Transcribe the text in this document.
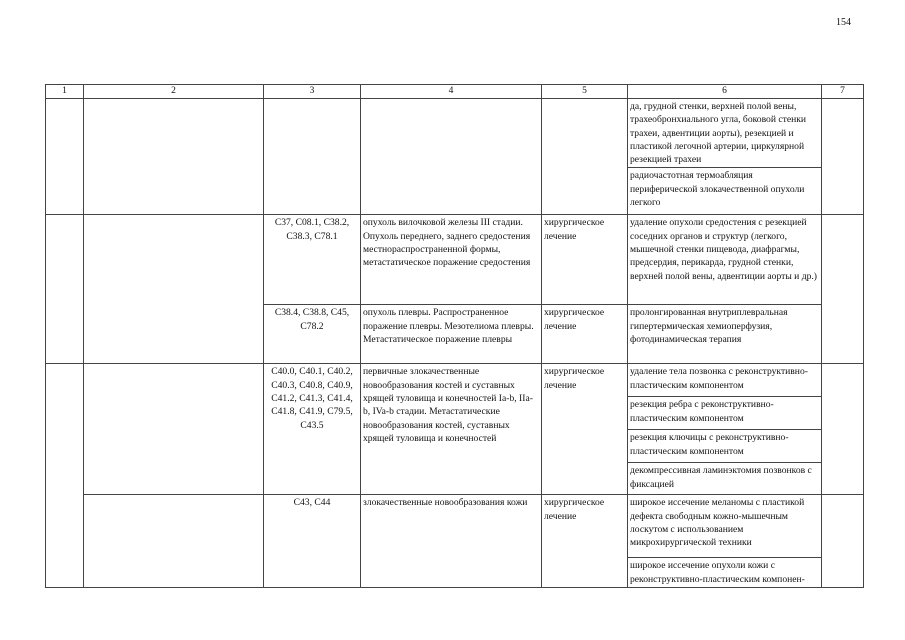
154
1	2	3	4	5	6	7
					да, грудной стенки, верхней полой вены, трахеобронхиального угла, боковой стенки трахеи, адвентиции аорты), резекцией и пластикой легочной артерии, циркулярной резекцией трахеи	
					радиочастотная термоабляция периферической злокачественной опухоли легкого	
		C37, C08.1, C38.2, C38.3, C78.1	опухоль вилочковой железы III стадии. Опухоль переднего, заднего средостения местнораспространенной формы, метастатическое поражение средостения	хирургическое лечение	удаление опухоли средостения с резекцией соседних органов и структур (легкого, мышечной стенки пищевода, диафрагмы, предсердия, перикарда, грудной стенки, верхней полой вены, адвентиции аорты и др.)	
		C38.4, C38.8, C45, C78.2	опухоль плевры. Распространенное поражение плевры. Мезотелиома плевры. Метастатическое поражение плевры	хирургическое лечение	пролонгированная внутриплевральная гипертермическая хемиоперфузия, фотодинамическая терапия	
		C40.0, C40.1, C40.2, C40.3, C40.8, C40.9, C41.2, C41.3, C41.4, C41.8, C41.9, C79.5, C43.5	первичные злокачественные новообразования костей и суставных хрящей туловища и конечностей Ia-b, IIa-b, IVa-b стадии. Метастатические новообразования костей, суставных хрящей туловища и конечностей	хирургическое лечение	удаление тела позвонка с реконструктивно-пластическим компонентом	
					резекция ребра с реконструктивно-пластическим компонентом	
					резекция ключицы с реконструктивно-пластическим компонентом	
					декомпрессивная ламинэктомия позвонков с фиксацией	
		C43, C44	злокачественные новообразования кожи	хирургическое лечение	широкое иссечение меланомы с пластикой дефекта свободным кожно-мышечным лоскутом с использованием микрохирургической техники	
					широкое иссечение опухоли кожи с реконструктивно-пластическим компонен-	
